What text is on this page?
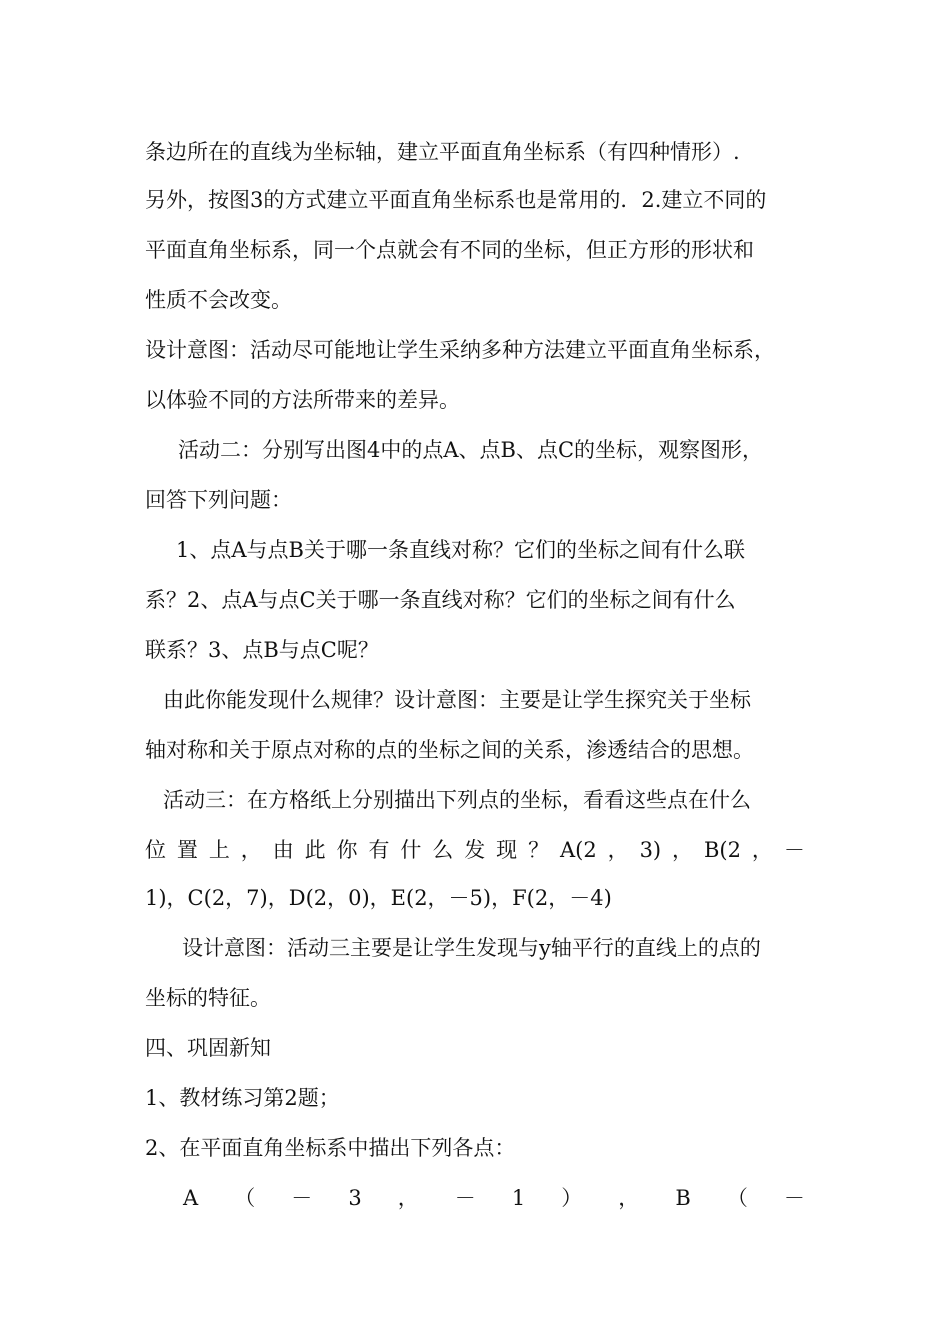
条边所在的直线为坐标轴，建立平面直角坐标系（有四种情形）.
另外，按图3的方式建立平面直角坐标系也是常用的．2.建立不同的
平面直角坐标系，同一个点就会有不同的坐标，但正方形的形状和
性质不会改变。
设计意图：活动尽可能地让学生采纳多种方法建立平面直角坐标系，
以体验不同的方法所带来的差异。
活动二：分别写出图4中的点A、点B、点C的坐标，观察图形，
回答下列问题：
1、点A与点B关于哪一条直线对称？它们的坐标之间有什么联
系？2、点A与点C关于哪一条直线对称？它们的坐标之间有什么
联系？3、点B与点C呢？
由此你能发现什么规律？设计意图：主要是让学生探究关于坐标
轴对称和关于原点对称的点的坐标之间的关系，渗透结合的思想。
活动三：在方格纸上分别描出下列点的坐标，看看这些点在什么
位 置 上 ， 由 此 你 有 什 么 发 现 ？ A(2 ， 3) ， B(2 ， －
1)，C(2，7)，D(2，0)，E(2，－5)，F(2，－4)
设计意图：活动三主要是让学生发现与y轴平行的直线上的点的
坐标的特征。
四、巩固新知
1、教材练习第2题；
2、在平面直角坐标系中描出下列各点：
A （ － 3 ， － 1 ） ， B （ －
